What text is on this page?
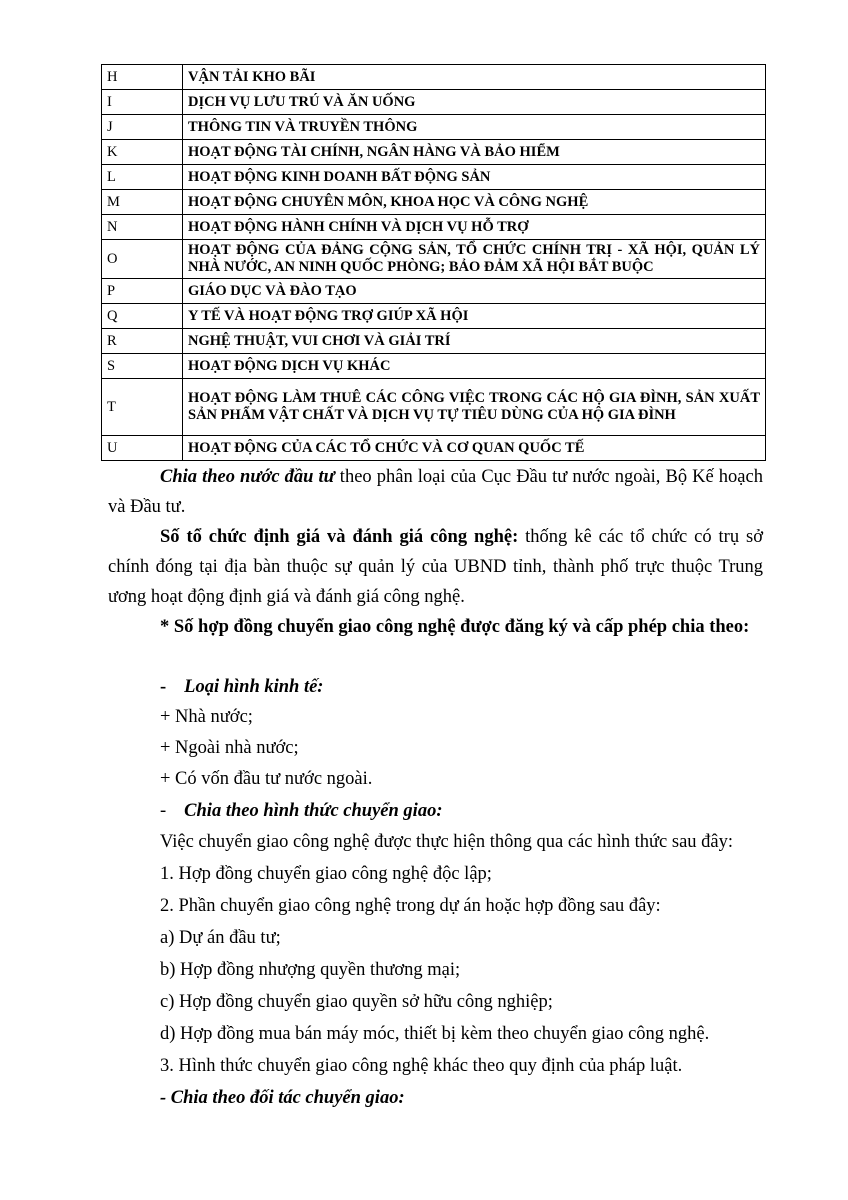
H	VẬN TẢI KHO BÃI
I	DỊCH VỤ LƯU TRÚ VÀ ĂN UỐNG
J	THÔNG TIN VÀ TRUYỀN THÔNG
K	HOẠT ĐỘNG TÀI CHÍNH, NGÂN HÀNG VÀ BẢO HIỂM
L	HOẠT ĐỘNG KINH DOANH BẤT ĐỘNG SẢN
M	HOẠT ĐỘNG CHUYÊN MÔN, KHOA HỌC VÀ CÔNG NGHỆ
N	HOẠT ĐỘNG HÀNH CHÍNH VÀ DỊCH VỤ HỖ TRỢ
O	HOẠT ĐỘNG CỦA ĐẢNG CỘNG SẢN, TỔ CHỨC CHÍNH TRỊ - XÃ HỘI, QUẢN LÝ NHÀ NƯỚC, AN NINH QUỐC PHÒNG; BẢO ĐẢM XÃ HỘI BẮT BUỘC
P	GIÁO DỤC VÀ ĐÀO TẠO
Q	Y TẾ VÀ HOẠT ĐỘNG TRỢ GIÚP XÃ HỘI
R	NGHỆ THUẬT, VUI CHƠI VÀ GIẢI TRÍ
S	HOẠT ĐỘNG DỊCH VỤ KHÁC
T	HOẠT ĐỘNG LÀM THUÊ CÁC CÔNG VIỆC TRONG CÁC HỘ GIA ĐÌNH, SẢN XUẤT SẢN PHẨM VẬT CHẤT VÀ DỊCH VỤ TỰ TIÊU DÙNG CỦA HỘ GIA ĐÌNH
U	HOẠT ĐỘNG CỦA CÁC TỔ CHỨC VÀ CƠ QUAN QUỐC TẾ

Chia theo nước đầu tư theo phân loại của Cục Đầu tư nước ngoài, Bộ Kế hoạch và Đầu tư.

Số tổ chức định giá và đánh giá công nghệ: thống kê các tổ chức có trụ sở chính đóng tại địa bàn thuộc sự quản lý của UBND tỉnh, thành phố trực thuộc Trung ương hoạt động định giá và đánh giá công nghệ.

* Số hợp đồng chuyển giao công nghệ được đăng ký và cấp phép chia theo:

- Loại hình kinh tế:
+ Nhà nước;
+ Ngoài nhà nước;
+ Có vốn đầu tư nước ngoài.
- Chia theo hình thức chuyển giao:
Việc chuyển giao công nghệ được thực hiện thông qua các hình thức sau đây:
1. Hợp đồng chuyển giao công nghệ độc lập;
2. Phần chuyển giao công nghệ trong dự án hoặc hợp đồng sau đây:
a) Dự án đầu tư;
b) Hợp đồng nhượng quyền thương mại;
c) Hợp đồng chuyển giao quyền sở hữu công nghiệp;
d) Hợp đồng mua bán máy móc, thiết bị kèm theo chuyển giao công nghệ.
3. Hình thức chuyển giao công nghệ khác theo quy định của pháp luật.
- Chia theo đối tác chuyển giao:
